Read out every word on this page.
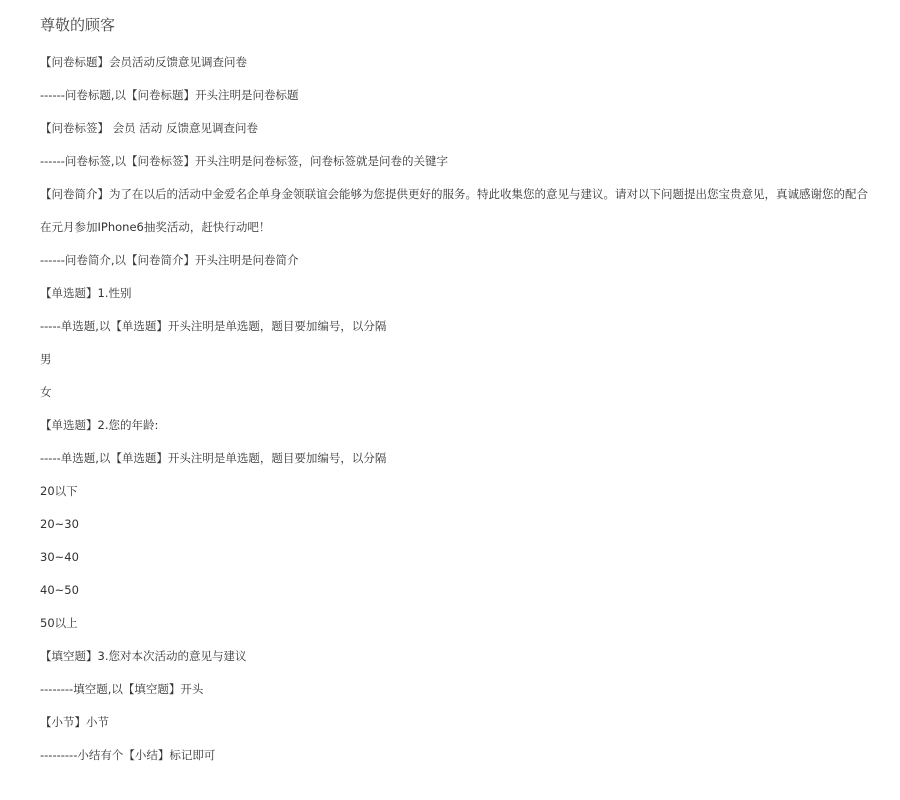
尊敬的顾客
【问卷标题】会员活动反馈意见调查问卷
------问卷标题,以【问卷标题】开头注明是问卷标题
【问卷标签】 会员 活动 反馈意见调查问卷
------问卷标签,以【问卷标签】开头注明是问卷标签，问卷标签就是问卷的关键字
【问卷简介】为了在以后的活动中金爱名企单身金领联谊会能够为您提供更好的服务。特此收集您的意见与建议。请对以下问题提出您宝贵意见，真诚感谢您的配合
在元月参加IPhone6抽奖活动，赶快行动吧！
------问卷简介,以【问卷简介】开头注明是问卷简介
【单选题】1.性别
-----单选题,以【单选题】开头注明是单选题，题目要加编号，以分隔
男
女
【单选题】2.您的年龄:
-----单选题,以【单选题】开头注明是单选题，题目要加编号，以分隔
20以下
20~30
30~40
40~50
50以上
【填空题】3.您对本次活动的意见与建议
--------填空题,以【填空题】开头
【小节】小节
---------小结有个【小结】标记即可
